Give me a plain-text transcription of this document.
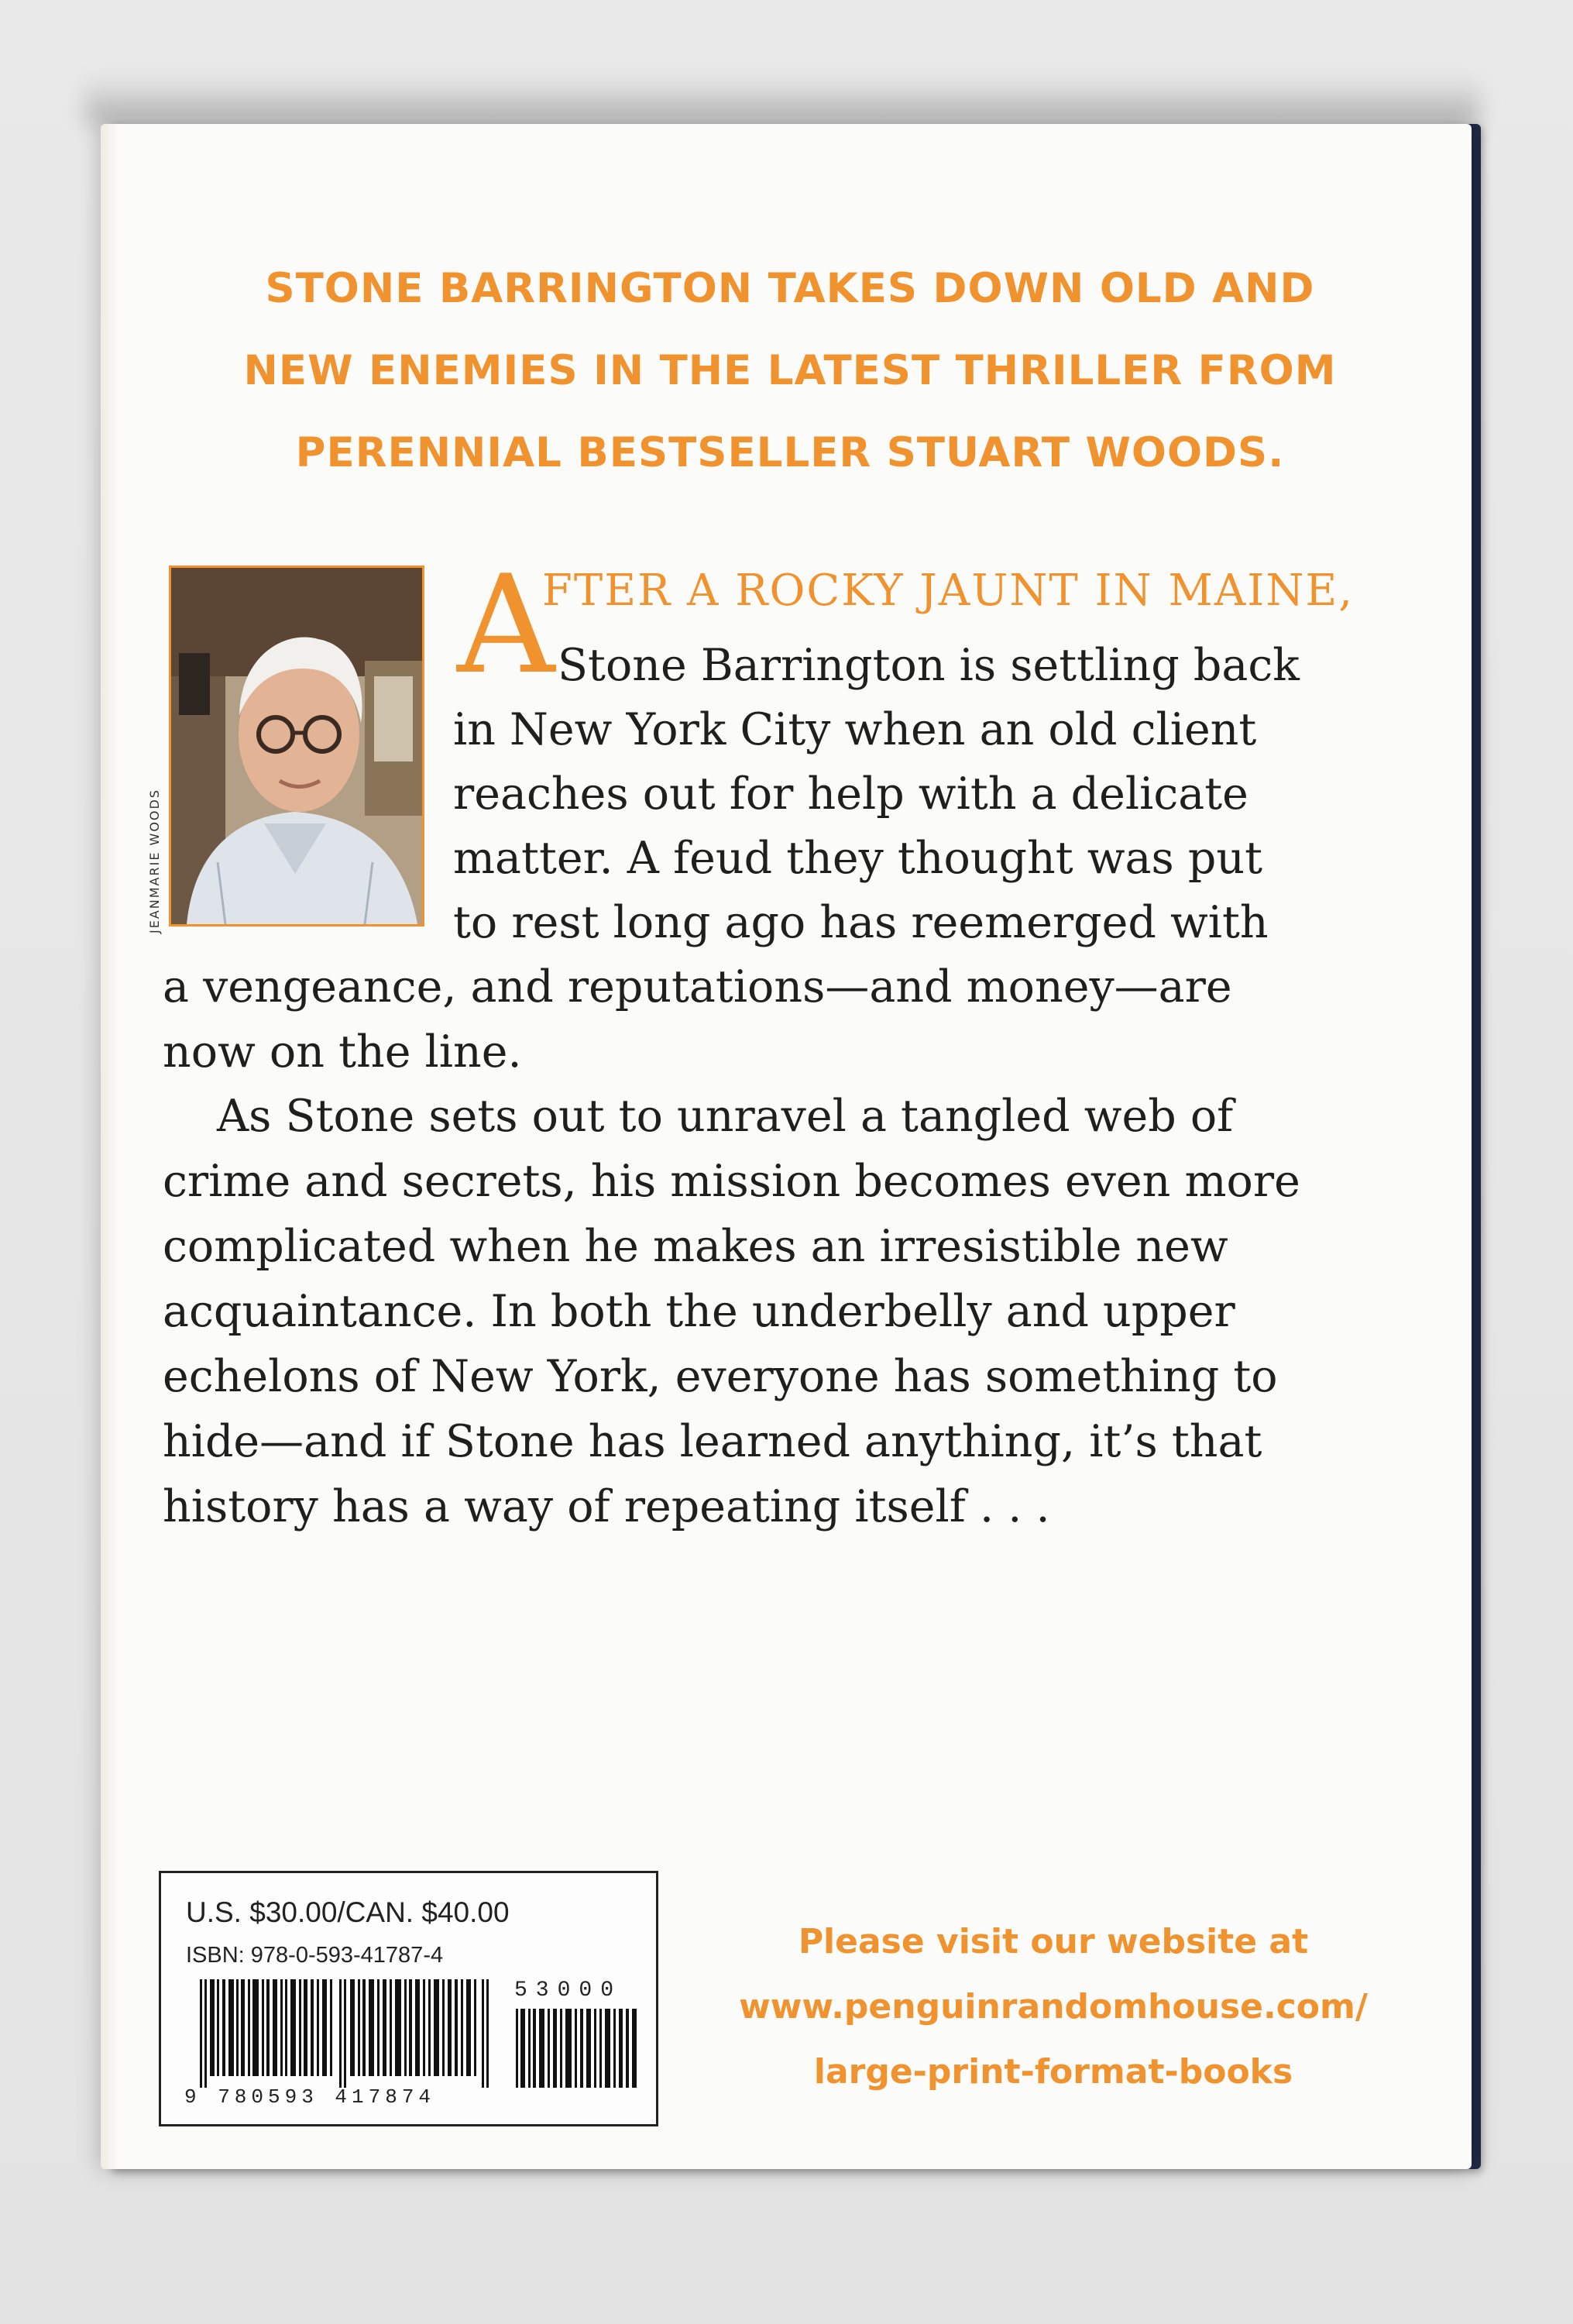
STONE BARRINGTON TAKES DOWN OLD AND
NEW ENEMIES IN THE LATEST THRILLER FROM
PERENNIAL BESTSELLER STUART WOODS.
JEANMARIE WOODS
A
FTER A ROCKY JAUNT IN MAINE,
Stone Barrington is settling back
in New York City when an old client
reaches out for help with a delicate
matter. A feud they thought was put
to rest long ago has reemerged with
a vengeance, and reputations—and money—are
now on the line.
As Stone sets out to unravel a tangled web of
crime and secrets, his mission becomes even more
complicated when he makes an irresistible new
acquaintance. In both the underbelly and upper
echelons of New York, everyone has something to
hide—and if Stone has learned anything, it’s that
history has a way of repeating itself . . .
U.S. $30.00/CAN. $40.00
ISBN: 978-0-593-41787-4
9 780593 417874
53000
Please visit our website at
www.penguinrandomhouse.com/
large-print-format-books
